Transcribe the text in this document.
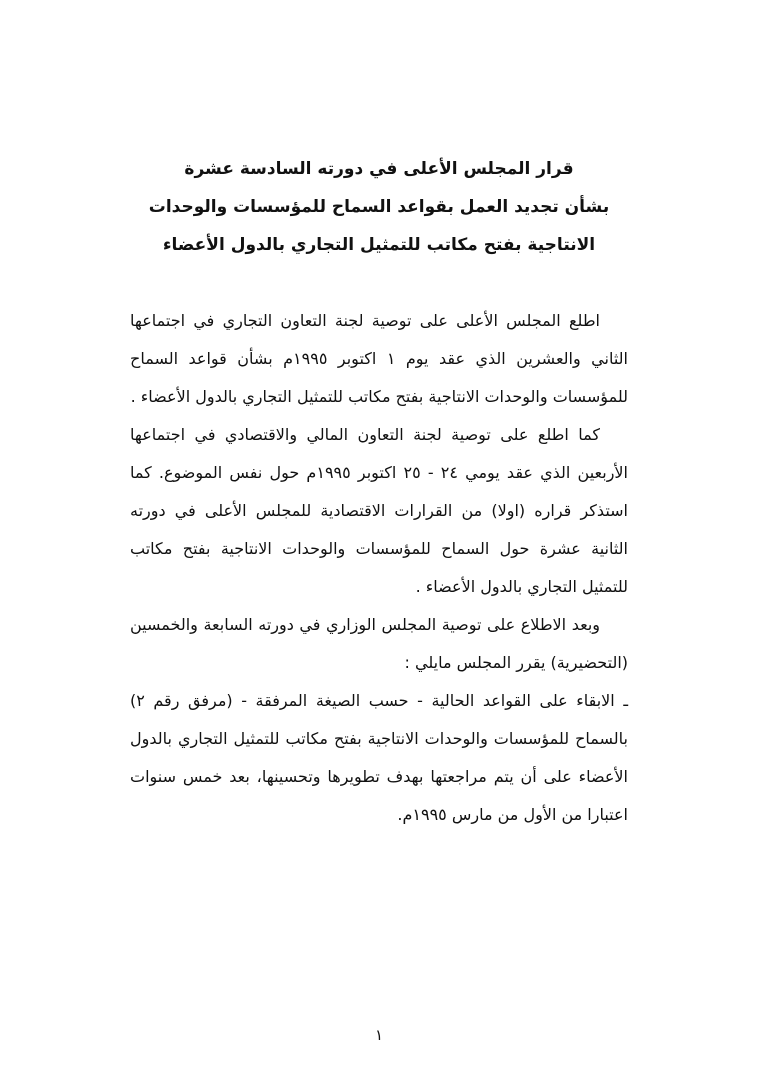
قرار المجلس الأعلى في دورته السادسة عشرة
بشأن تجديد العمل بقواعد السماح للمؤسسات والوحدات
الانتاجية بفتح مكاتب للتمثيل التجاري بالدول الأعضاء

اطلع المجلس الأعلى على توصية لجنة التعاون التجاري في اجتماعها الثاني والعشرين الذي عقد يوم ١ اكتوبر ١٩٩٥م بشأن قواعد السماح للمؤسسات والوحدات الانتاجية بفتح مكاتب للتمثيل التجاري بالدول الأعضاء .

كما اطلع على توصية لجنة التعاون المالي والاقتصادي في اجتماعها الأربعين الذي عقد يومي ٢٤ - ٢٥ اكتوبر ١٩٩٥م حول نفس الموضوع. كما استذكر قراره (اولا) من القرارات الاقتصادية للمجلس الأعلى في دورته الثانية عشرة حول السماح للمؤسسات والوحدات الانتاجية بفتح مكاتب للتمثيل التجاري بالدول الأعضاء .

وبعد الاطلاع على توصية المجلس الوزاري في دورته السابعة والخمسين (التحضيرية) يقرر المجلس مايلي :

ـ الابقاء على القواعد الحالية - حسب الصيغة المرفقة - (مرفق رقم ٢) بالسماح للمؤسسات والوحدات الانتاجية بفتح مكاتب للتمثيل التجاري بالدول الأعضاء على أن يتم مراجعتها بهدف تطويرها وتحسينها، بعد خمس سنوات اعتبارا من الأول من مارس ١٩٩٥م.

١
